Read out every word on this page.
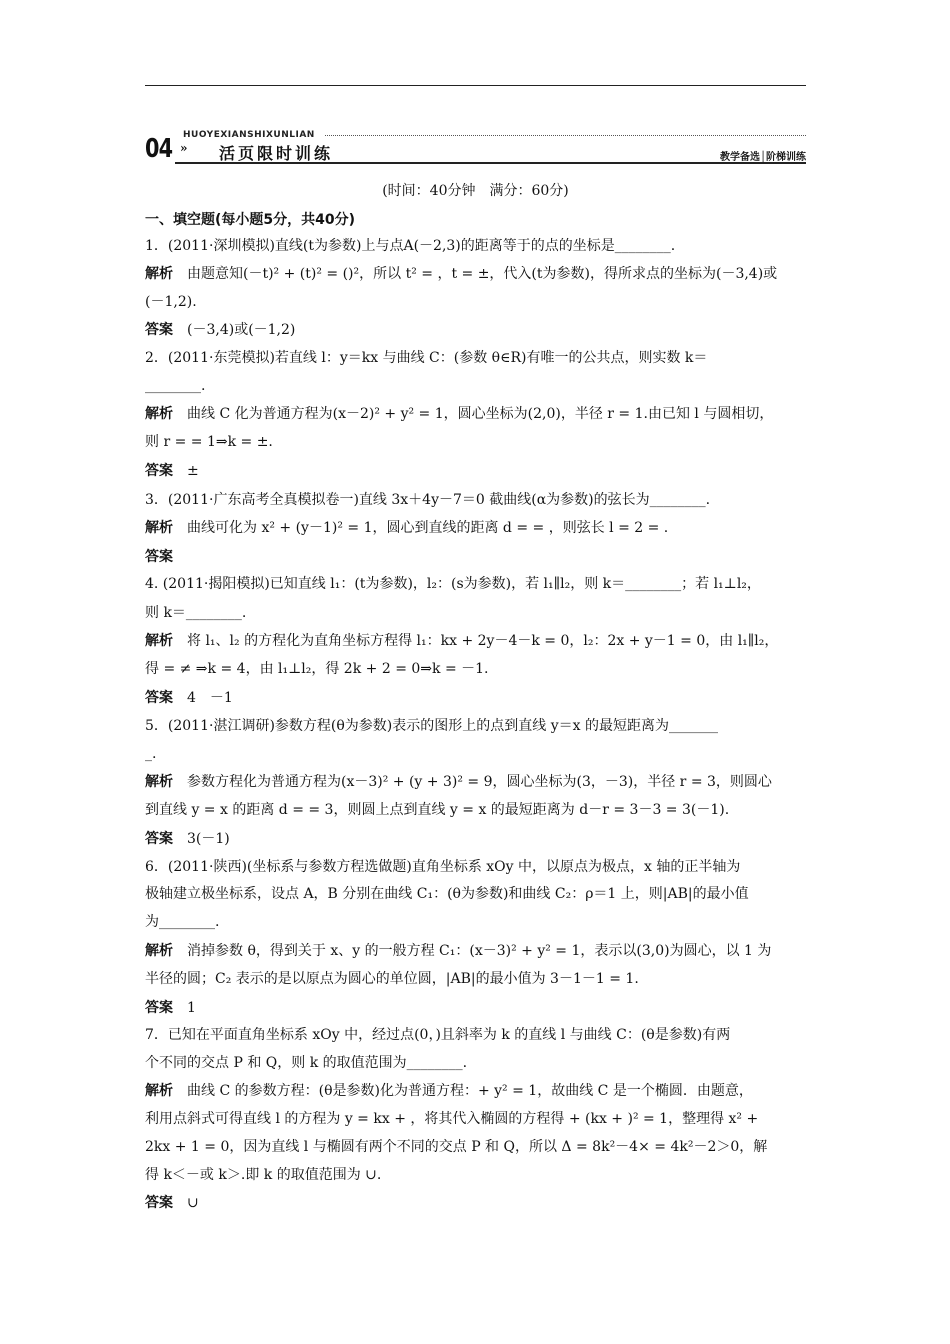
HUOYEXIANSHIXUNLIAN
04 » 活页限时训练	教学备选│阶梯训练
(时间：40分钟　满分：60分)
一、填空题(每小题5分，共40分)
1．(2011·深圳模拟)直线(t为参数)上与点A(－2,3)的距离等于的点的坐标是________.
解析 由题意知(－t)² + (t)² = ()²，所以 t² = ，t = ±，代入(t为参数)，得所求点的坐标为(－3,4)或
(－1,2).
答案 (－3,4)或(－1,2)
2．(2011·东莞模拟)若直线 l：y＝kx 与曲线 C：(参数 θ∈R)有唯一的公共点，则实数 k＝
________.
解析 曲线 C 化为普通方程为(x－2)² + y² = 1，圆心坐标为(2,0)，半径 r = 1.由已知 l 与圆相切，
则 r = = 1⇒k = ±.
答案 ±
3．(2011·广东高考全真模拟卷一)直线 3x＋4y－7＝0 截曲线(α为参数)的弦长为________.
解析 曲线可化为 x² + (y－1)² = 1，圆心到直线的距离 d = = ，则弦长 l = 2 = .
答案
4. (2011·揭阳模拟)已知直线 l₁：(t为参数)，l₂：(s为参数)，若 l₁∥l₂，则 k＝________；若 l₁⊥l₂，
则 k＝________.
解析 将 l₁、l₂ 的方程化为直角坐标方程得 l₁：kx + 2y－4－k = 0，l₂：2x + y－1 = 0，由 l₁∥l₂，
得 = ≠ ⇒k = 4，由 l₁⊥l₂，得 2k + 2 = 0⇒k = －1.
答案 4　－1
5．(2011·湛江调研)参数方程(θ为参数)表示的图形上的点到直线 y＝x 的最短距离为_______
_.
解析 参数方程化为普通方程为(x－3)² + (y + 3)² = 9，圆心坐标为(3，－3)，半径 r = 3，则圆心
到直线 y = x 的距离 d = = 3，则圆上点到直线 y = x 的最短距离为 d－r = 3－3 = 3(－1).
答案 3(－1)
6．(2011·陕西)(坐标系与参数方程选做题)直角坐标系 xOy 中，以原点为极点，x 轴的正半轴为
极轴建立极坐标系，设点 A，B 分别在曲线 C₁：(θ为参数)和曲线 C₂：ρ＝1 上，则|AB|的最小值
为________.
解析 消掉参数 θ，得到关于 x、y 的一般方程 C₁：(x－3)² + y² = 1，表示以(3,0)为圆心，以 1 为
半径的圆；C₂ 表示的是以原点为圆心的单位圆，|AB|的最小值为 3－1－1 = 1.
答案 1
7．已知在平面直角坐标系 xOy 中，经过点(0，)且斜率为 k 的直线 l 与曲线 C：(θ是参数)有两
个不同的交点 P 和 Q，则 k 的取值范围为________.
解析 曲线 C 的参数方程：(θ是参数)化为普通方程：+ y² = 1，故曲线 C 是一个椭圆．由题意，
利用点斜式可得直线 l 的方程为 y = kx + ，将其代入椭圆的方程得 + (kx + )² = 1，整理得 x² +
2kx + 1 = 0，因为直线 l 与椭圆有两个不同的交点 P 和 Q，所以 Δ = 8k²－4× = 4k²－2＞0，解
得 k＜－或 k＞.即 k 的取值范围为 ∪.
答案 ∪
